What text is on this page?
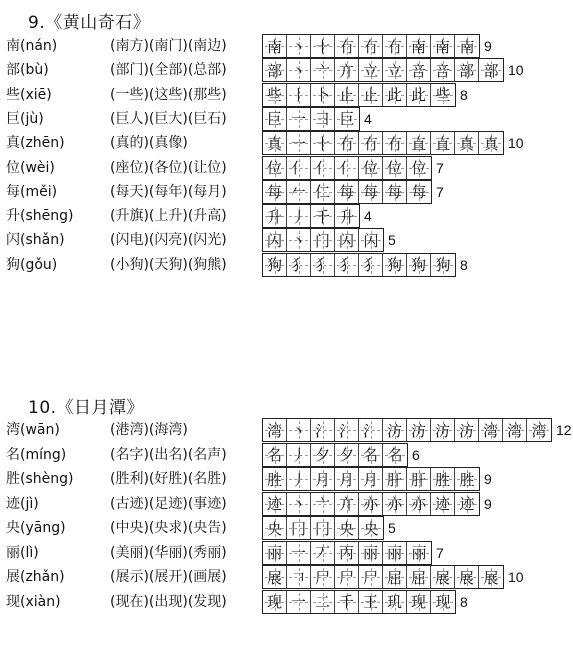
9.《黄山奇石》
南(nán)	(南方)(南门)(南边)	南 丶 十 冇 冇 冇 南 南 南 9
部(bù)	(部门)(全部)(总部)	部 丶 亠 亣 立 立 咅 咅 部 部 10
些(xiē)	(一些)(这些)(那些)	些 丨 卜 止 止 此 此 些 8
巨(jù)	(巨人)(巨大)(巨石)	巨 一 彐 巨 4
真(zhēn)	(真的)(真像)	真 一 十 冇 冇 冇 直 直 真 真 10
位(wèi)	(座位)(各位)(让位)	位 亻 亻 亻 位 位 位 7
每(měi)	(每天)(每年)(每月)	每 𠂉 仁 每 每 每 每 7
升(shēng)	(升旗)(上升)(升高)	升 丿 千 升 4
闪(shǎn)	(闪电)(闪亮)(闪光)	闪 丶 门 闪 闪 5
狗(gǒu)	(小狗)(天狗)(狗熊)	狗 犭 犭 犭 犭 狗 狗 狗 8
10.《日月潭》
湾(wān)	(港湾)(海湾)	湾 丶 氵 氵 氵 汸 汸 汸 汸 湾 湾 湾 12
名(míng)	(名字)(出名)(名声)	名 丿 夕 夕 名 名 6
胜(shèng)	(胜利)(好胜)(名胜)	胜 丿 月 月 月 肝 肝 胜 胜 9
迹(jì)	(古迹)(足迹)(事迹)	迹 丶 亠 亣 亦 亦 亦 迹 迹 9
央(yāng)	(中央)(央求)(央告)	央 冂 冂 央 央 5
丽(lì)	(美丽)(华丽)(秀丽)	丽 一 丆 丙 丽 丽 丽 7
展(zhǎn)	(展示)(展开)(画展)	展 𠃍 尸 尸 尸 屈 屈 展 展 展 10
现(xiàn)	(现在)(出现)(发现)	现 一 二 千 王 玑 现 现 8
